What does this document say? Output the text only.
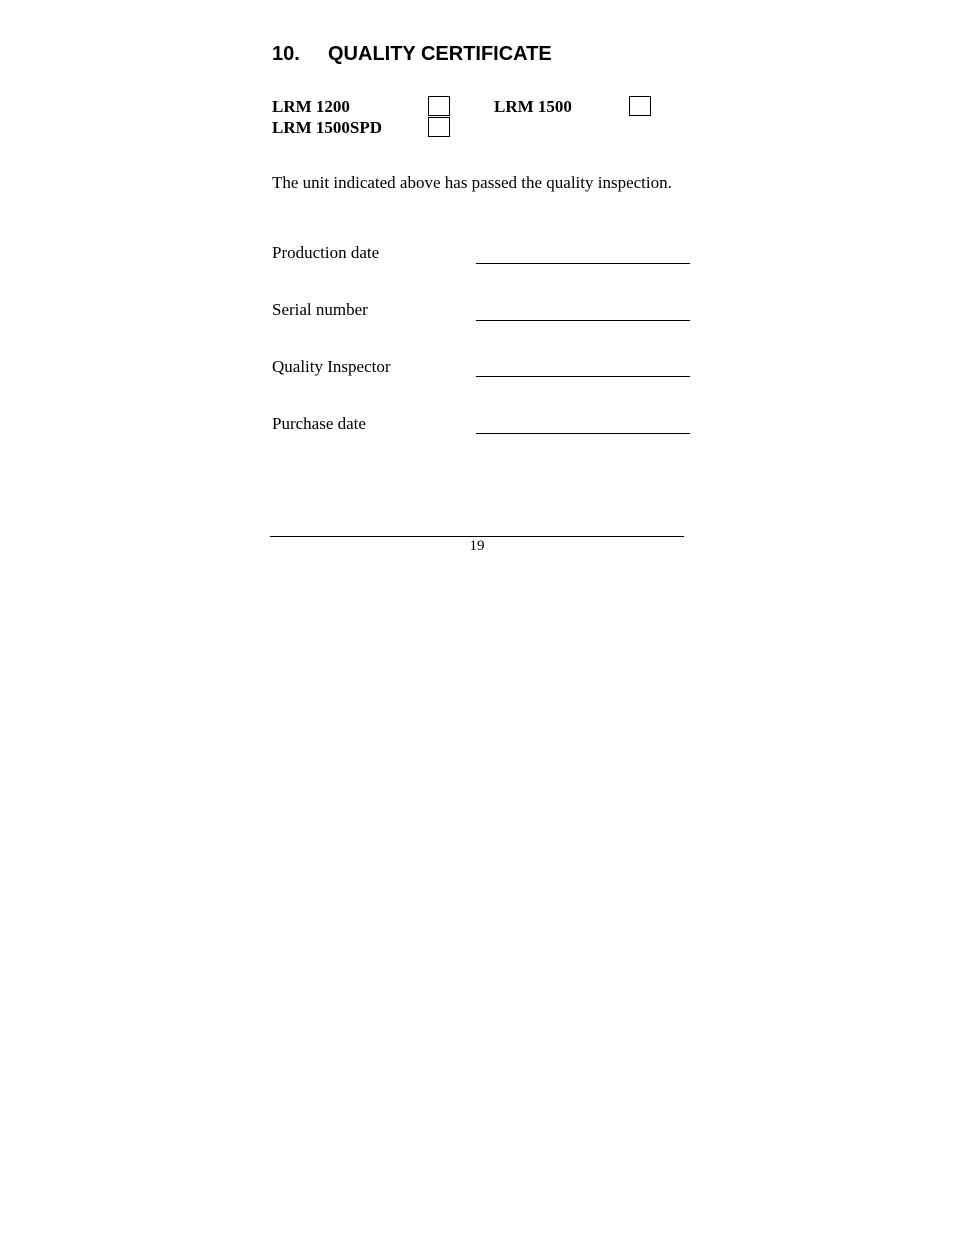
10. QUALITY CERTIFICATE
LRM 1200	LRM 1500
LRM 1500SPD

The unit indicated above has passed the quality inspection.

Production date
Serial number
Quality Inspector
Purchase date
19
